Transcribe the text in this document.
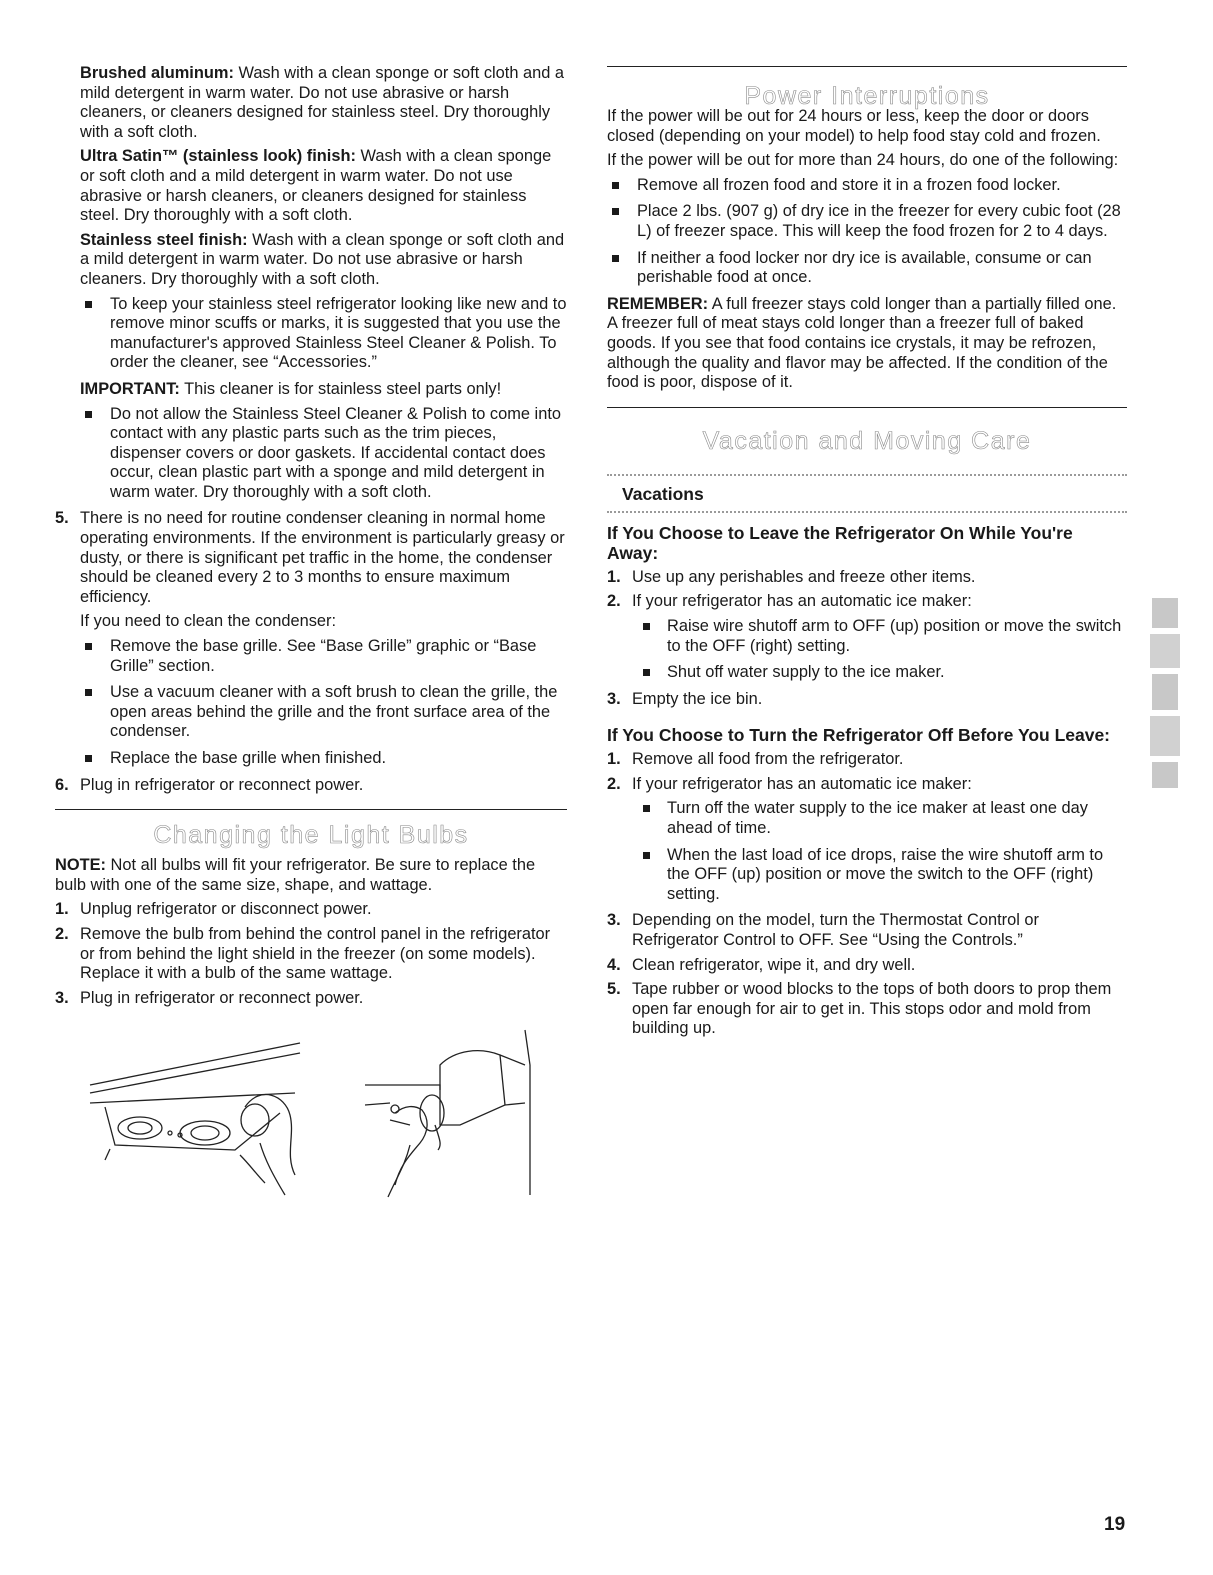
Brushed aluminum: Wash with a clean sponge or soft cloth and a mild detergent in warm water. Do not use abrasive or harsh cleaners, or cleaners designed for stainless steel. Dry thoroughly with a soft cloth.

Ultra Satin™ (stainless look) finish: Wash with a clean sponge or soft cloth and a mild detergent in warm water. Do not use abrasive or harsh cleaners, or cleaners designed for stainless steel. Dry thoroughly with a soft cloth.

Stainless steel finish: Wash with a clean sponge or soft cloth and a mild detergent in warm water. Do not use abrasive or harsh cleaners. Dry thoroughly with a soft cloth.

To keep your stainless steel refrigerator looking like new and to remove minor scuffs or marks, it is suggested that you use the manufacturer's approved Stainless Steel Cleaner & Polish. To order the cleaner, see “Accessories.”

IMPORTANT: This cleaner is for stainless steel parts only!

Do not allow the Stainless Steel Cleaner & Polish to come into contact with any plastic parts such as the trim pieces, dispenser covers or door gaskets. If accidental contact does occur, clean plastic part with a sponge and mild detergent in warm water. Dry thoroughly with a soft cloth.
5. There is no need for routine condenser cleaning in normal home operating environments. If the environment is particularly greasy or dusty, or there is significant pet traffic in the home, the condenser should be cleaned every 2 to 3 months to ensure maximum efficiency.

If you need to clean the condenser:

Remove the base grille. See “Base Grille” graphic or “Base Grille” section.
Use a vacuum cleaner with a soft brush to clean the grille, the open areas behind the grille and the front surface area of the condenser.
Replace the base grille when finished.
6. Plug in refrigerator or reconnect power.
Changing the Light Bulbs

NOTE: Not all bulbs will fit your refrigerator. Be sure to replace the bulb with one of the same size, shape, and wattage.

1. Unplug refrigerator or disconnect power.
2. Remove the bulb from behind the control panel in the refrigerator or from behind the light shield in the freezer (on some models). Replace it with a bulb of the same wattage.
3. Plug in refrigerator or reconnect power.
Power Interruptions

If the power will be out for 24 hours or less, keep the door or doors closed (depending on your model) to help food stay cold and frozen.

If the power will be out for more than 24 hours, do one of the following:

Remove all frozen food and store it in a frozen food locker.
Place 2 lbs. (907 g) of dry ice in the freezer for every cubic foot (28 L) of freezer space. This will keep the food frozen for 2 to 4 days.
If neither a food locker nor dry ice is available, consume or can perishable food at once.

REMEMBER: A full freezer stays cold longer than a partially filled one. A freezer full of meat stays cold longer than a freezer full of baked goods. If you see that food contains ice crystals, it may be refrozen, although the quality and flavor may be affected. If the condition of the food is poor, dispose of it.

Vacation and Moving Care
Vacations
If You Choose to Leave the Refrigerator On While You're Away:
1. Use up any perishables and freeze other items.
2. If your refrigerator has an automatic ice maker:
Raise wire shutoff arm to OFF (up) position or move the switch to the OFF (right) setting.
Shut off water supply to the ice maker.
3. Empty the ice bin.
If You Choose to Turn the Refrigerator Off Before You Leave:
1. Remove all food from the refrigerator.
2. If your refrigerator has an automatic ice maker:
Turn off the water supply to the ice maker at least one day ahead of time.
When the last load of ice drops, raise the wire shutoff arm to the OFF (up) position or move the switch to the OFF (right) setting.
3. Depending on the model, turn the Thermostat Control or Refrigerator Control to OFF. See “Using the Controls.”
4. Clean refrigerator, wipe it, and dry well.
5. Tape rubber or wood blocks to the tops of both doors to prop them open far enough for air to get in. This stops odor and mold from building up.
19
